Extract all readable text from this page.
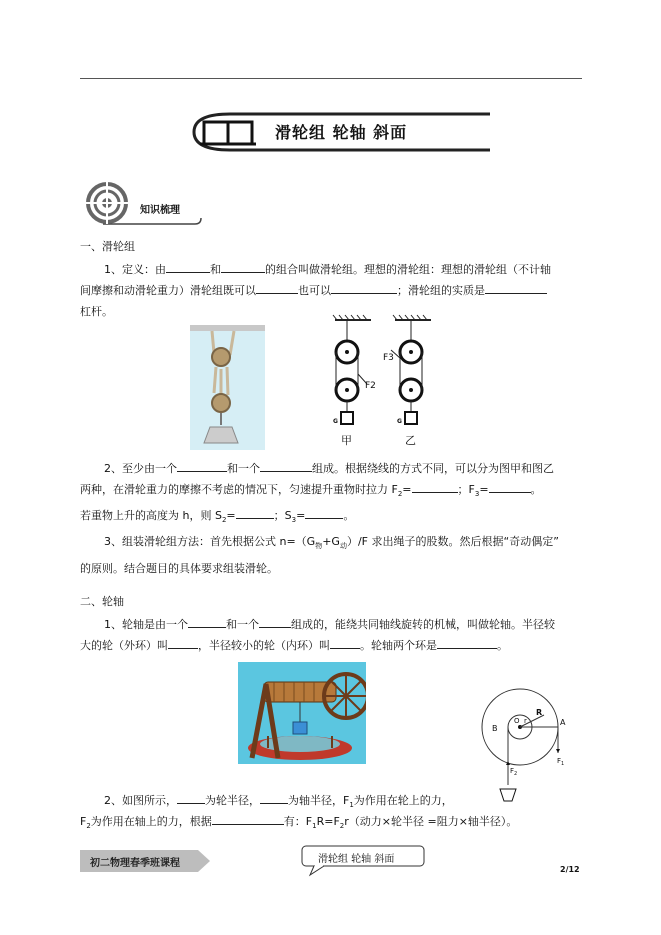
滑轮组 轮轴 斜面
知识梳理
一、滑轮组

1、定义：由	和	的组合叫做滑轮组。理想的滑轮组：理想的滑轮组（不计轴

间摩擦和动滑轮重力）滑轮组既可以	也可以	；滑轮组的实质是

杠杆。

F3
F2
G	G
甲	乙

2、至少由一个	和一个	组成。根据绕线的方式不同，可以分为图甲和图乙

两种，在滑轮重力的摩擦不考虑的情况下，匀速提升重物时拉力 $F_2=$	；$F_3=$	。

若重物上升的高度为 h，则 $S_2=$	；$S_3=$	。

3、组装滑轮组方法：首先根据公式 $n=(G_物+G_动)/F$ 求出绳子的股数。然后根据“奇动偶定”

的原则。结合题目的具体要求组装滑轮。

二、轮轴

1、轮轴是由一个	和一个	组成的，能绕共同轴线旋转的机械，叫做轮轴。半径较

大的轮（外环）叫	，半径较小的轮（内环）叫	。轮轴两个环是	。

B
O r
R
A
$F_1$
$F_2$

2、如图所示，	为轮半径，	为轴半径，$F_1$为作用在轮上的力，

$F_2$为作用在轴上的力，根据	有：$F_1R=F_2r$（动力×轮半径 =阻力×轴半径）。

初二物理春季班课程	滑轮组 轮轴 斜面
2/12
